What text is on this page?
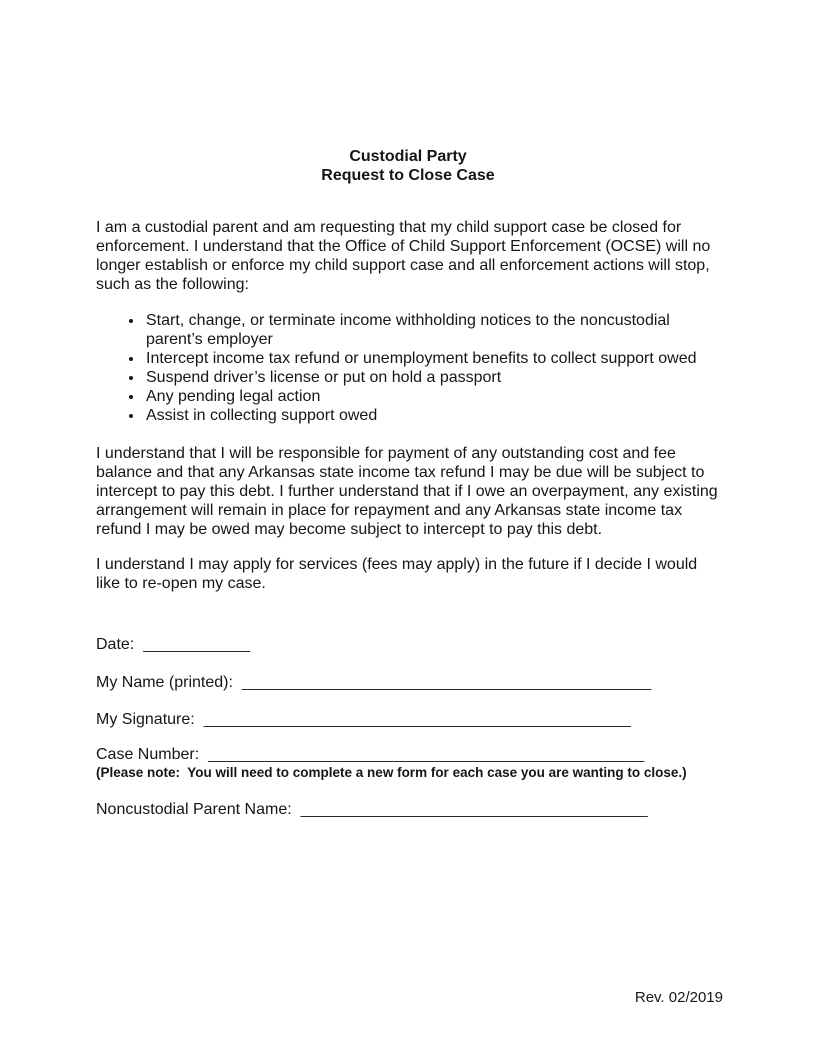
Custodial Party
Request to Close Case

I am a custodial parent and am requesting that my child support case be closed for enforcement. I understand that the Office of Child Support Enforcement (OCSE) will no longer establish or enforce my child support case and all enforcement actions will stop, such as the following:

• Start, change, or terminate income withholding notices to the noncustodial parent’s employer
• Intercept income tax refund or unemployment benefits to collect support owed
• Suspend driver’s license or put on hold a passport
• Any pending legal action
• Assist in collecting support owed

I understand that I will be responsible for payment of any outstanding cost and fee balance and that any Arkansas state income tax refund I may be due will be subject to intercept to pay this debt. I further understand that if I owe an overpayment, any existing arrangement will remain in place for repayment and any Arkansas state income tax refund I may be owed may become subject to intercept to pay this debt.

I understand I may apply for services (fees may apply) in the future if I decide I would like to re-open my case.

Date: ____________

My Name (printed): ______________________________________________

My Signature: ________________________________________________

Case Number: _________________________________________________

(Please note:  You will need to complete a new form for each case you are wanting to close.)

Noncustodial Parent Name: _______________________________________

Rev. 02/2019
